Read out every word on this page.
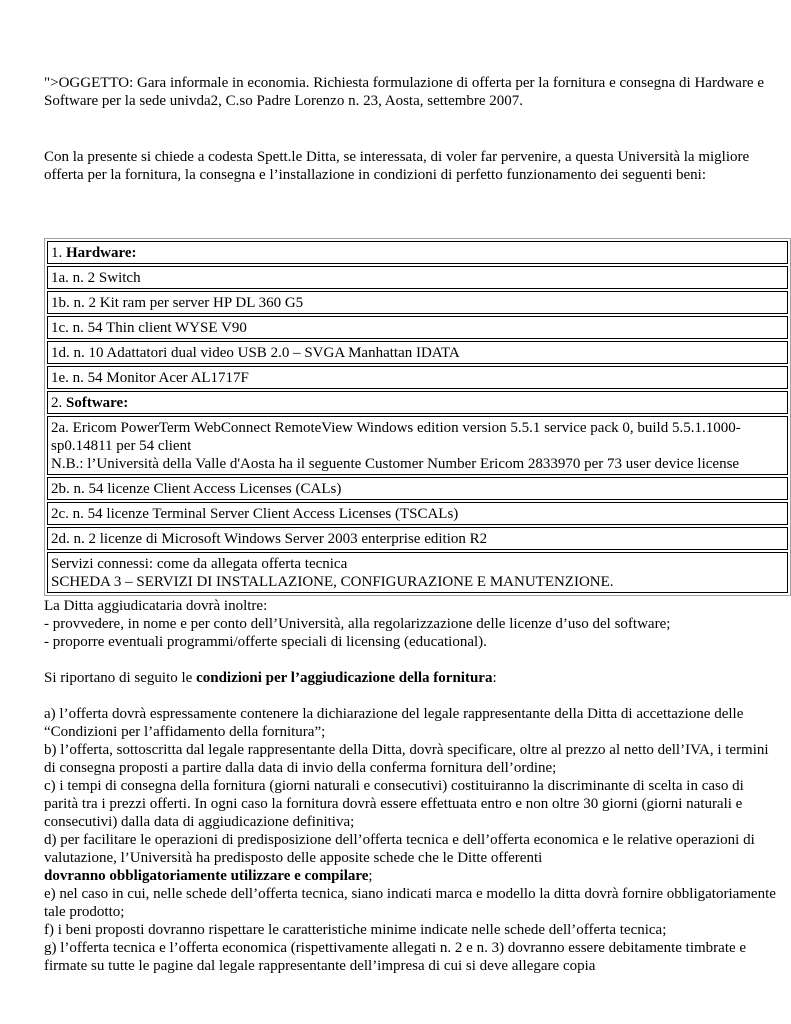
">OGGETTO: Gara informale in economia. Richiesta formulazione di offerta per la fornitura e consegna di Hardware e Software per la sede univda2, C.so Padre Lorenzo n. 23, Aosta, settembre 2007.

Con la presente si chiede a codesta Spett.le Ditta, se interessata, di voler far pervenire, a questa Università la migliore offerta per la fornitura, la consegna e l’installazione in condizioni di perfetto funzionamento dei seguenti beni:

1. Hardware:
1a. n. 2 Switch
1b. n. 2 Kit ram per server HP DL 360 G5
1c. n. 54 Thin client WYSE V90
1d. n. 10 Adattatori dual video USB 2.0 – SVGA Manhattan IDATA
1e. n. 54 Monitor Acer AL1717F
2. Software:

2a. Ericom PowerTerm WebConnect RemoteView Windows edition version 5.5.1 service pack 0, build 5.5.1.1000-sp0.14811 per 54 client
N.B.: l’Università della Valle d'Aosta ha il seguente Customer Number Ericom 2833970 per 73 user device license

2b. n. 54 licenze Client Access Licenses (CALs)
2c. n. 54 licenze Terminal Server Client Access Licenses (TSCALs)
2d. n. 2 licenze di Microsoft Windows Server 2003 enterprise edition R2

Servizi connessi: come da allegata offerta tecnica
SCHEDA 3 – SERVIZI DI INSTALLAZIONE, CONFIGURAZIONE E MANUTENZIONE.

La Ditta aggiudicataria dovrà inoltre:

- provvedere, in nome e per conto dell’Università, alla regolarizzazione delle licenze d’uso del software;

- proporre eventuali programmi/offerte speciali di licensing (educational).

Si riportano di seguito le condizioni per l’aggiudicazione della fornitura:

a) l’offerta dovrà espressamente contenere la dichiarazione del legale rappresentante della Ditta di accettazione delle “Condizioni per l’affidamento della fornitura”;

b) l’offerta, sottoscritta dal legale rappresentante della Ditta, dovrà specificare, oltre al prezzo al netto dell’IVA, i termini di consegna proposti a partire dalla data di invio della conferma fornitura dell’ordine;

c) i tempi di consegna della fornitura (giorni naturali e consecutivi) costituiranno la discriminante di scelta in caso di parità tra i prezzi offerti. In ogni caso la fornitura dovrà essere effettuata entro e non oltre 30 giorni (giorni naturali e consecutivi) dalla data di aggiudicazione definitiva;

d) per facilitare le operazioni di predisposizione dell’offerta tecnica e dell’offerta economica e le relative operazioni di valutazione, l’Università ha predisposto delle apposite schede che le Ditte offerenti
dovranno obbligatoriamente utilizzare e compilare;

e) nel caso in cui, nelle schede dell’offerta tecnica, siano indicati marca e modello la ditta dovrà fornire obbligatoriamente tale prodotto;

f) i beni proposti dovranno rispettare le caratteristiche minime indicate nelle schede dell’offerta tecnica;

g) l’offerta tecnica e l’offerta economica (rispettivamente allegati n. 2 e n. 3) dovranno essere debitamente timbrate e firmate su tutte le pagine dal legale rappresentante dell’impresa di cui si deve allegare copia
